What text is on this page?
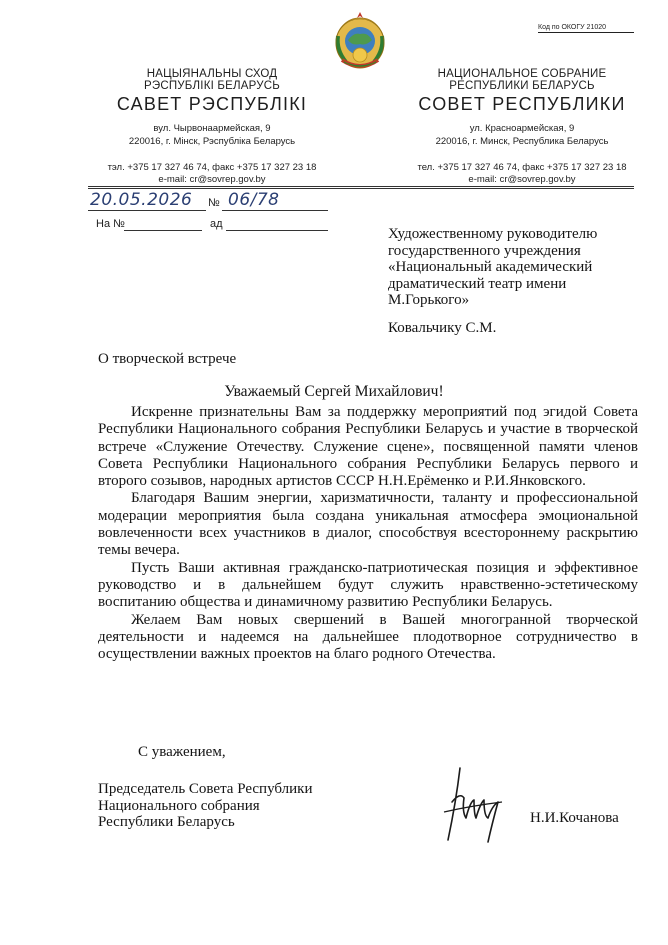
Код по ОКОГУ 21020
НАЦЫЯНАЛЬНЫ СХОД
РЭСПУБЛІКІ БЕЛАРУСЬ
САВЕТ РЭСПУБЛІКІ
вул. Чырвонаармейская, 9
220016, г. Мінск, Рэспубліка Беларусь
тэл. +375 17 327 46 74, факс +375 17 327 23 18
e-mail: cr@sovrep.gov.by
НАЦИОНАЛЬНОЕ СОБРАНИЕ
РЕСПУБЛИКИ БЕЛАРУСЬ
СОВЕТ РЕСПУБЛИКИ
ул. Красноармейская, 9
220016, г. Минск, Республика Беларусь
тел. +375 17 327 46 74, факс +375 17 327 23 18
e-mail: cr@sovrep.gov.by
20.05.2026 № 06/78
На №	ад
Художественному руководителю
государственного учреждения
«Национальный академический
драматический театр имени
М.Горького»
Ковальчику С.М.
О творческой встрече
Уважаемый Сергей Михайлович!

Искренне признательны Вам за поддержку мероприятий под эгидой Совета Республики Национального собрания Республики Беларусь и участие в творческой встрече «Служение Отечеству. Служение сцене», посвященной памяти членов Совета Республики Национального собрания Республики Беларусь первого и второго созывов, народных артистов СССР Н.Н.Ерёменко и Р.И.Янковского.

Благодаря Вашим энергии, харизматичности, таланту и профессиональной модерации мероприятия была создана уникальная атмосфера эмоциональной вовлеченности всех участников в диалог, способствуя всестороннему раскрытию темы вечера.

Пусть Ваши активная гражданско-патриотическая позиция и эффективное руководство и в дальнейшем будут служить нравственно-эстетическому воспитанию общества и динамичному развитию Республики Беларусь.

Желаем Вам новых свершений в Вашей многогранной творческой деятельности и надеемся на дальнейшее плодотворное сотрудничество в осуществлении важных проектов на благо родного Отечества.

С уважением,
Председатель Совета Республики
Национального собрания
Республики Беларусь	Н.И.Кочанова
